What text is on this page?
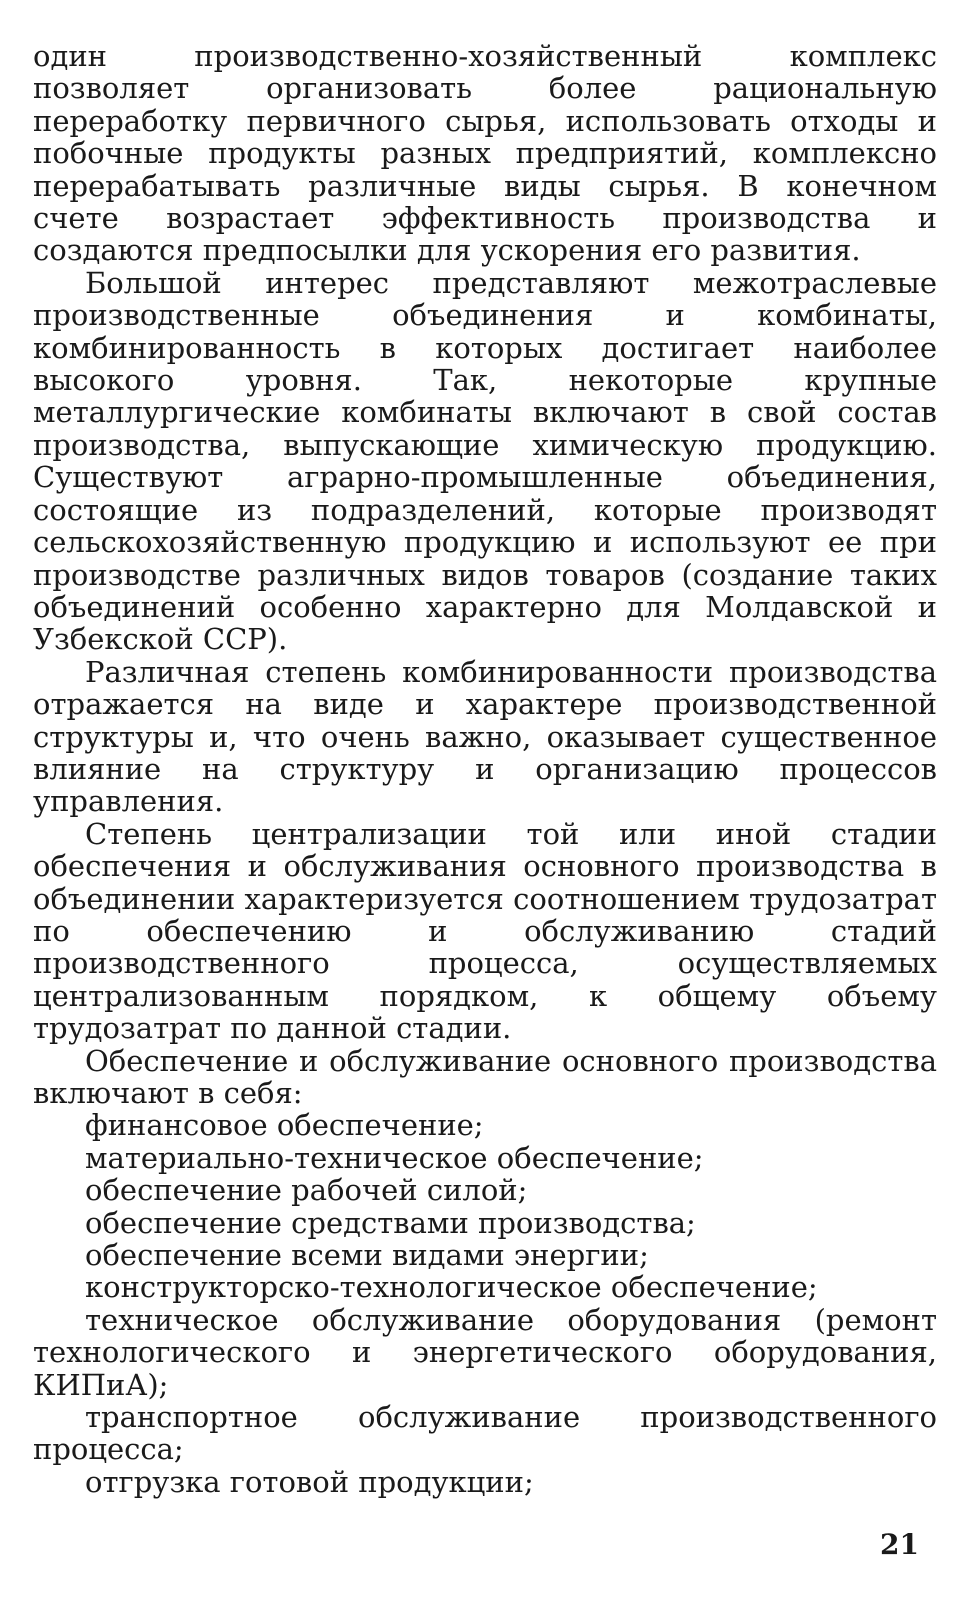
один производственно-хозяйственный комплекс позволяет организовать более рациональную переработку первичного сырья, использовать отходы и побочные продукты разных предприятий, комплексно перерабатывать различные виды сырья. В конечном счете возрастает эффективность производства и создаются предпосылки для ускорения его развития.

Большой интерес представляют межотраслевые производственные объединения и комбинаты, комбинированность в которых достигает наиболее высокого уровня. Так, некоторые крупные металлургические комбинаты включают в свой состав производства, выпускающие химическую продукцию. Существуют аграрно-промышленные объединения, состоящие из подразделений, которые производят сельскохозяйственную продукцию и используют ее при производстве различных видов товаров (создание таких объединений особенно характерно для Молдавской и Узбекской ССР).

Различная степень комбинированности производства отражается на виде и характере производственной структуры и, что очень важно, оказывает существенное влияние на структуру и организацию процессов управления.

Степень централизации той или иной стадии обеспечения и обслуживания основного производства в объединении характеризуется соотношением трудозатрат по обеспечению и обслуживанию стадий производственного процесса, осуществляемых централизованным порядком, к общему объему трудозатрат по данной стадии.

Обеспечение и обслуживание основного производства включают в себя:

финансовое обеспечение;

материально-техническое обеспечение;

обеспечение рабочей силой;

обеспечение средствами производства;

обеспечение всеми видами энергии;

конструкторско-технологическое обеспечение;

техническое обслуживание оборудования (ремонт технологического и энергетического оборудования, КИПиА);

транспортное обслуживание производственного процесса;

отгрузка готовой продукции;

21
